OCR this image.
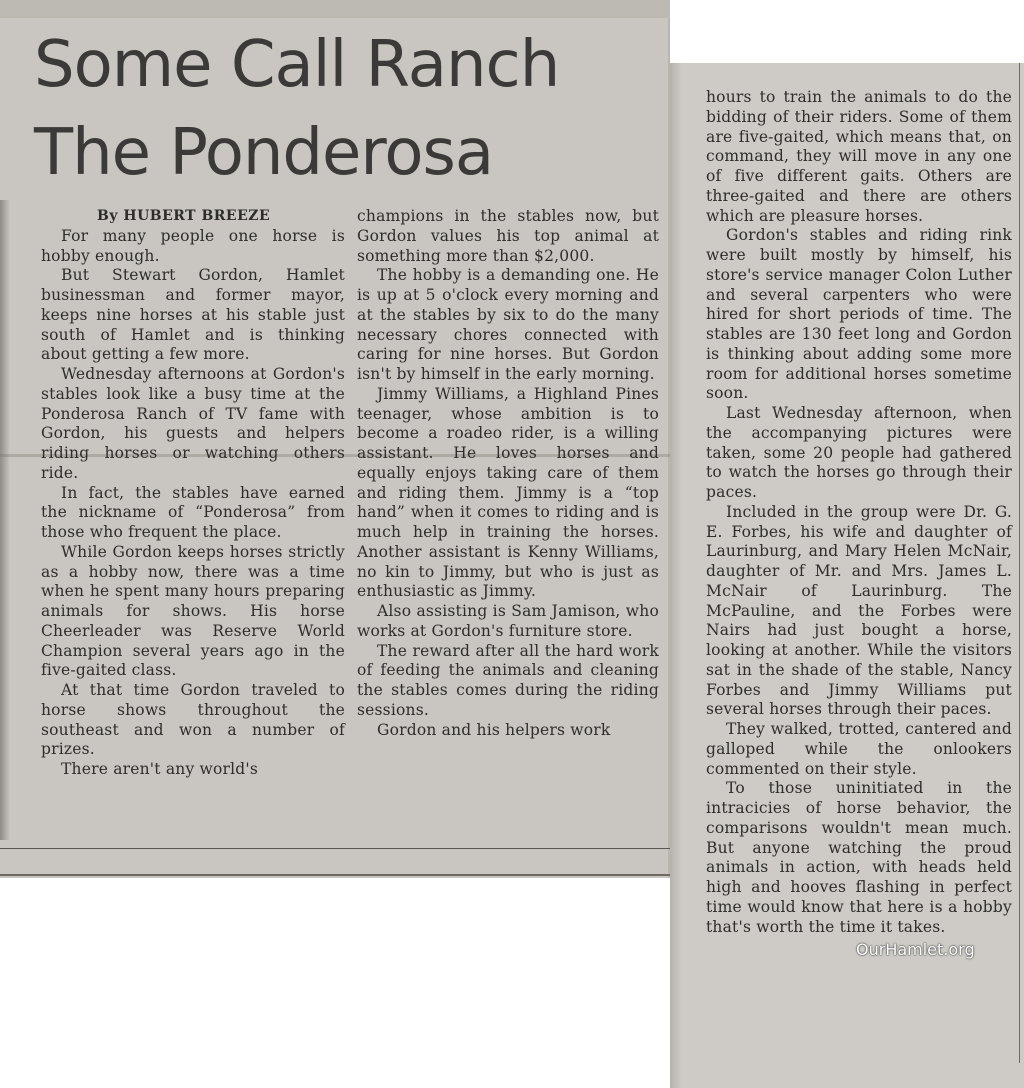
Some Call Ranch
The Ponderosa

By HUBERT BREEZE

For many people one horse is hobby enough.

But Stewart Gordon, Hamlet businessman and former mayor, keeps nine horses at his stable just south of Hamlet and is thinking about getting a few more.

Wednesday afternoons at Gordon's stables look like a busy time at the Ponderosa Ranch of TV fame with Gordon, his guests and helpers riding horses or watching others ride.

In fact, the stables have earned the nickname of “Ponderosa” from those who frequent the place.

While Gordon keeps horses strictly as a hobby now, there was a time when he spent many hours preparing animals for shows. His horse Cheerleader was Reserve World Champion several years ago in the five-gaited class.

At that time Gordon traveled to horse shows throughout the southeast and won a number of prizes.

There aren't any world's

champions in the stables now, but Gordon values his top animal at something more than $2,000.

The hobby is a demanding one. He is up at 5 o'clock every morning and at the stables by six to do the many necessary chores connected with caring for nine horses. But Gordon isn't by himself in the early morning.

Jimmy Williams, a Highland Pines teenager, whose ambition is to become a roadeo rider, is a willing assistant. He loves horses and equally enjoys taking care of them and riding them. Jimmy is a “top hand” when it comes to riding and is much help in training the horses. Another assistant is Kenny Williams, no kin to Jimmy, but who is just as enthusiastic as Jimmy.

Also assisting is Sam Jamison, who works at Gordon's furniture store.

The reward after all the hard work of feeding the animals and cleaning the stables comes during the riding sessions.

Gordon and his helpers work

hours to train the animals to do the bidding of their riders. Some of them are five-gaited, which means that, on command, they will move in any one of five different gaits. Others are three-gaited and there are others which are pleasure horses.

Gordon's stables and riding rink were built mostly by himself, his store's service manager Colon Luther and several carpenters who were hired for short periods of time. The stables are 130 feet long and Gordon is thinking about adding some more room for additional horses sometime soon.

Last Wednesday afternoon, when the accompanying pictures were taken, some 20 people had gathered to watch the horses go through their paces.

Included in the group were Dr. G. E. Forbes, his wife and daughter of Laurinburg, and Mary Helen McNair, daughter of Mr. and Mrs. James L. McNair of Laurinburg. The McPauline, and the Forbes were Nairs had just bought a horse, looking at another. While the visitors sat in the shade of the stable, Nancy Forbes and Jimmy Williams put several horses through their paces.

They walked, trotted, cantered and galloped while the onlookers commented on their style.

To those uninitiated in the intracicies of horse behavior, the comparisons wouldn't mean much. But anyone watching the proud animals in action, with heads held high and hooves flashing in perfect time would know that here is a hobby that's worth the time it takes.

OurHamlet.org
